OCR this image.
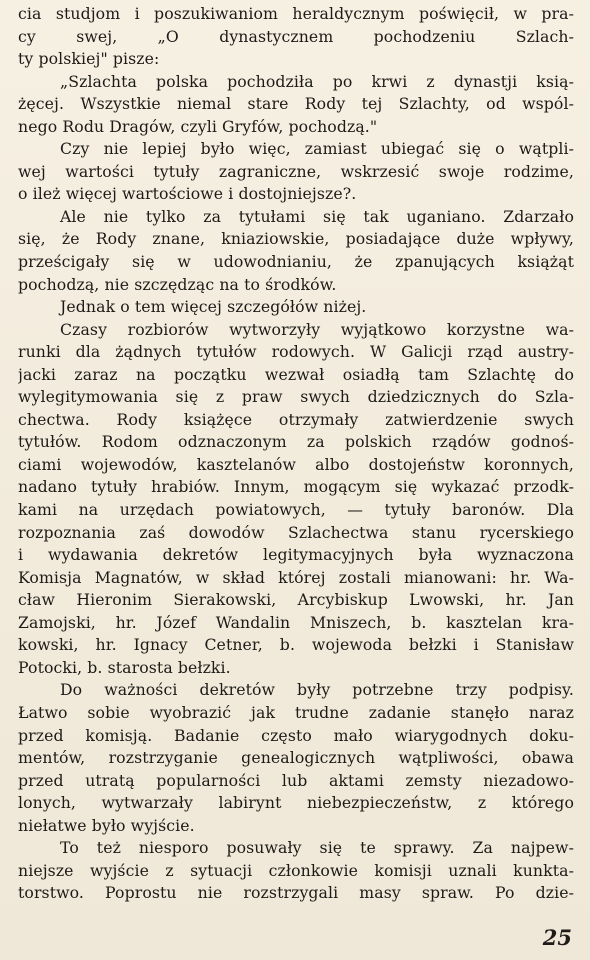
cia studjom i poszukiwaniom heraldycznym poświęcił, w pra-
cy swej, „O dynastycznem pochodzeniu Szlach-
ty polskiej" pisze:
„Szlachta polska pochodziła po krwi z dynastji ksią-
żęcej. Wszystkie niemal stare Rody tej Szlachty, od wspól-
nego Rodu Dragów, czyli Gryfów, pochodzą."
Czy nie lepiej było więc, zamiast ubiegać się o wątpli-
wej wartości tytuły zagraniczne, wskrzesić swoje rodzime,
o ileż więcej wartościowe i dostojniejsze?.
Ale nie tylko za tytułami się tak uganiano. Zdarzało
się, że Rody znane, kniaziowskie, posiadające duże wpływy,
prześcigały się w udowodnianiu, że zpanujących książąt
pochodzą, nie szczędząc na to środków.
Jednak o tem więcej szczegółów niżej.
Czasy rozbiorów wytworzyły wyjątkowo korzystne wa-
runki dla żądnych tytułów rodowych. W Galicji rząd austry-
jacki zaraz na początku wezwał osiadłą tam Szlachtę do
wylegitymowania się z praw swych dziedzicznych do Szla-
chectwa. Rody książęce otrzymały zatwierdzenie swych
tytułów. Rodom odznaczonym za polskich rządów godnoś-
ciami wojewodów, kasztelanów albo dostojeństw koronnych,
nadano tytuły hrabiów. Innym, mogącym się wykazać przodk-
kami na urzędach powiatowych, — tytuły baronów. Dla
rozpoznania zaś dowodów Szlachectwa stanu rycerskiego
i wydawania dekretów legitymacyjnych była wyznaczona
Komisja Magnatów, w skład której zostali mianowani: hr. Wa-
cław Hieronim Sierakowski, Arcybiskup Lwowski, hr. Jan
Zamojski, hr. Józef Wandalin Mniszech, b. kasztelan kra-
kowski, hr. Ignacy Cetner, b. wojewoda bełzki i Stanisław
Potocki, b. starosta bełzki.
Do ważności dekretów były potrzebne trzy podpisy.
Łatwo sobie wyobrazić jak trudne zadanie stanęło naraz
przed komisją. Badanie często mało wiarygodnych doku-
mentów, rozstrzyganie genealogicznych wątpliwości, obawa
przed utratą popularności lub aktami zemsty niezadowo-
lonych, wytwarzały labirynt niebezpieczeństw, z którego
niełatwe było wyjście.
To też niesporo posuwały się te sprawy. Za najpew-
niejsze wyjście z sytuacji członkowie komisji uznali kunkta-
torstwo. Poprostu nie rozstrzygali masy spraw. Po dzie-
25
